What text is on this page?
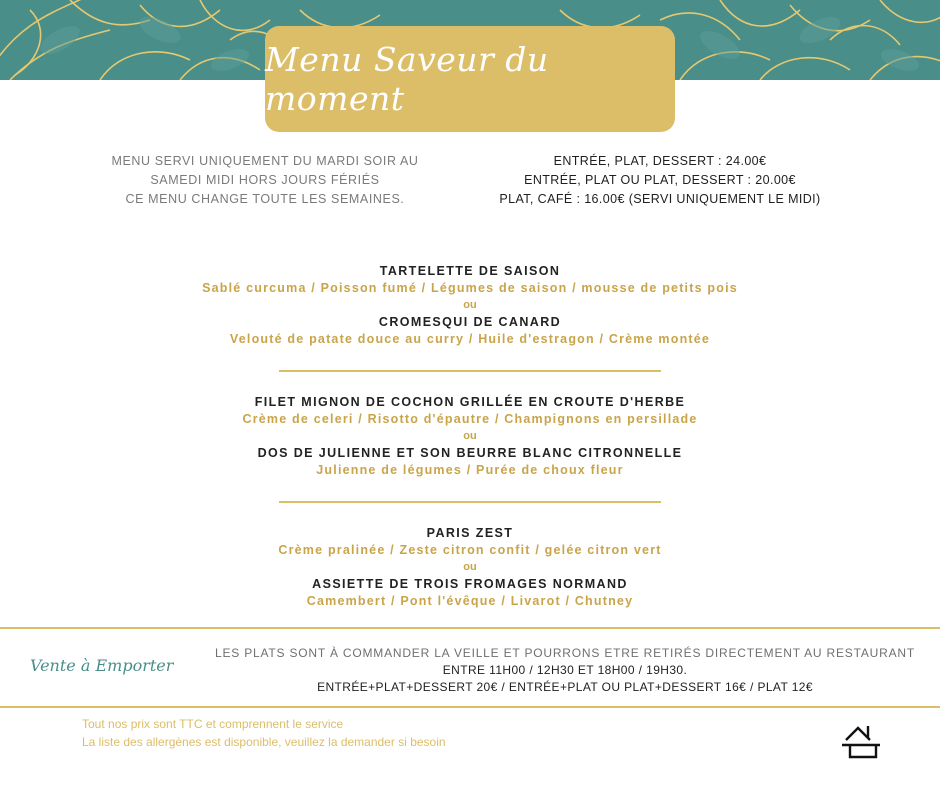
Menu Saveur du moment
MENU SERVI UNIQUEMENT DU MARDI SOIR AU
SAMEDI MIDI HORS JOURS FÉRIÉS
CE MENU CHANGE TOUTE LES SEMAINES.
ENTRÉE, PLAT, DESSERT : 24.00€
ENTRÉE, PLAT OU PLAT, DESSERT : 20.00€
PLAT, CAFÉ : 16.00€ (SERVI UNIQUEMENT LE MIDI)
TARTELETTE DE SAISON
Sablé curcuma / Poisson fumé / Légumes de saison / mousse de petits pois
ou
CROMESQUI DE CANARD
Velouté de patate douce au curry / Huile d'estragon / Crème montée
FILET MIGNON DE COCHON GRILLÉE EN CROUTE D'HERBE
Crème de celeri / Risotto d'épautre / Champignons en persillade
ou
DOS DE JULIENNE ET SON BEURRE BLANC CITRONNELLE
Julienne de légumes / Purée de choux fleur
PARIS ZEST
Crème pralinée / Zeste citron confit / gelée citron vert
ou
ASSIETTE DE TROIS FROMAGES NORMAND
Camembert / Pont l'évêque / Livarot / Chutney
Vente à Emporter
LES PLATS SONT À COMMANDER LA VEILLE ET POURRONS ETRE RETIRÉS DIRECTEMENT AU RESTAURANT
ENTRE 11H00 / 12H30 ET 18H00 / 19H30.
ENTRÉE+PLAT+DESSERT 20€ / ENTRÉE+PLAT OU PLAT+DESSERT 16€ / PLAT 12€
Tout nos prix sont TTC et comprennent le service
La liste des allergènes est disponible, veuillez la demander si besoin
